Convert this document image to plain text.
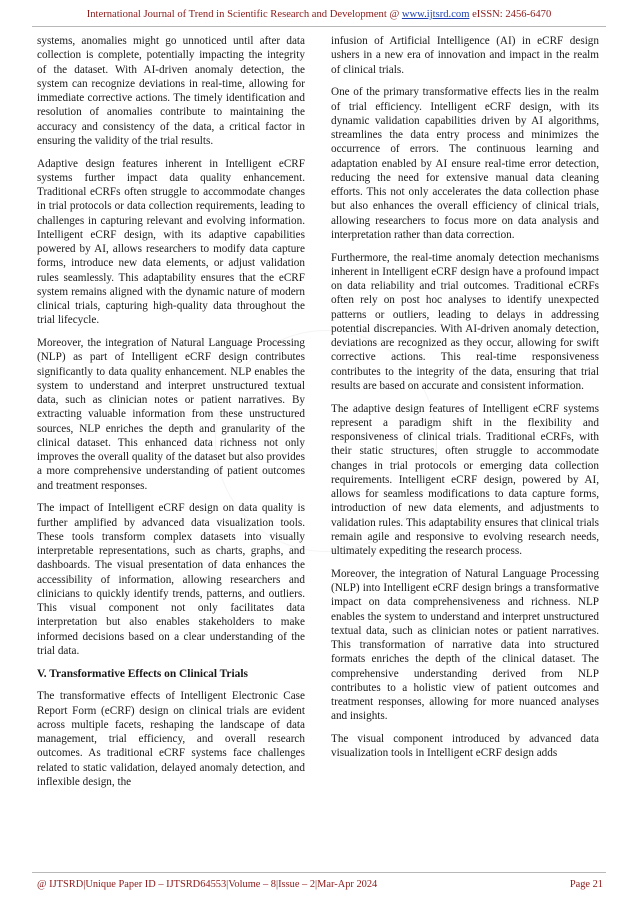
International Journal of Trend in Scientific Research and Development @ www.ijtsrd.com eISSN: 2456-6470

systems, anomalies might go unnoticed until after data collection is complete, potentially impacting the integrity of the dataset. With AI-driven anomaly detection, the system can recognize deviations in real-time, allowing for immediate corrective actions. The timely identification and resolution of anomalies contribute to maintaining the accuracy and consistency of the data, a critical factor in ensuring the validity of the trial results.

Adaptive design features inherent in Intelligent eCRF systems further impact data quality enhancement. Traditional eCRFs often struggle to accommodate changes in trial protocols or data collection requirements, leading to challenges in capturing relevant and evolving information. Intelligent eCRF design, with its adaptive capabilities powered by AI, allows researchers to modify data capture forms, introduce new data elements, or adjust validation rules seamlessly. This adaptability ensures that the eCRF system remains aligned with the dynamic nature of modern clinical trials, capturing high-quality data throughout the trial lifecycle.

Moreover, the integration of Natural Language Processing (NLP) as part of Intelligent eCRF design contributes significantly to data quality enhancement. NLP enables the system to understand and interpret unstructured textual data, such as clinician notes or patient narratives. By extracting valuable information from these unstructured sources, NLP enriches the depth and granularity of the clinical dataset. This enhanced data richness not only improves the overall quality of the dataset but also provides a more comprehensive understanding of patient outcomes and treatment responses.

The impact of Intelligent eCRF design on data quality is further amplified by advanced data visualization tools. These tools transform complex datasets into visually interpretable representations, such as charts, graphs, and dashboards. The visual presentation of data enhances the accessibility of information, allowing researchers and clinicians to quickly identify trends, patterns, and outliers. This visual component not only facilitates data interpretation but also enables stakeholders to make informed decisions based on a clear understanding of the trial data.

V. Transformative Effects on Clinical Trials

The transformative effects of Intelligent Electronic Case Report Form (eCRF) design on clinical trials are evident across multiple facets, reshaping the landscape of data management, trial efficiency, and overall research outcomes. As traditional eCRF systems face challenges related to static validation, delayed anomaly detection, and inflexible design, the

infusion of Artificial Intelligence (AI) in eCRF design ushers in a new era of innovation and impact in the realm of clinical trials.

One of the primary transformative effects lies in the realm of trial efficiency. Intelligent eCRF design, with its dynamic validation capabilities driven by AI algorithms, streamlines the data entry process and minimizes the occurrence of errors. The continuous learning and adaptation enabled by AI ensure real-time error detection, reducing the need for extensive manual data cleaning efforts. This not only accelerates the data collection phase but also enhances the overall efficiency of clinical trials, allowing researchers to focus more on data analysis and interpretation rather than data correction.

Furthermore, the real-time anomaly detection mechanisms inherent in Intelligent eCRF design have a profound impact on data reliability and trial outcomes. Traditional eCRFs often rely on post hoc analyses to identify unexpected patterns or outliers, leading to delays in addressing potential discrepancies. With AI-driven anomaly detection, deviations are recognized as they occur, allowing for swift corrective actions. This real-time responsiveness contributes to the integrity of the data, ensuring that trial results are based on accurate and consistent information.

The adaptive design features of Intelligent eCRF systems represent a paradigm shift in the flexibility and responsiveness of clinical trials. Traditional eCRFs, with their static structures, often struggle to accommodate changes in trial protocols or emerging data collection requirements. Intelligent eCRF design, powered by AI, allows for seamless modifications to data capture forms, introduction of new data elements, and adjustments to validation rules. This adaptability ensures that clinical trials remain agile and responsive to evolving research needs, ultimately expediting the research process.

Moreover, the integration of Natural Language Processing (NLP) into Intelligent eCRF design brings a transformative impact on data comprehensiveness and richness. NLP enables the system to understand and interpret unstructured textual data, such as clinician notes or patient narratives. This transformation of narrative data into structured formats enriches the depth of the clinical dataset. The comprehensive understanding derived from NLP contributes to a holistic view of patient outcomes and treatment responses, allowing for more nuanced analyses and insights.

The visual component introduced by advanced data visualization tools in Intelligent eCRF design adds

@ IJTSRD | Unique Paper ID – IJTSRD64553 | Volume – 8 | Issue – 2 | Mar-Apr 2024	Page 21
